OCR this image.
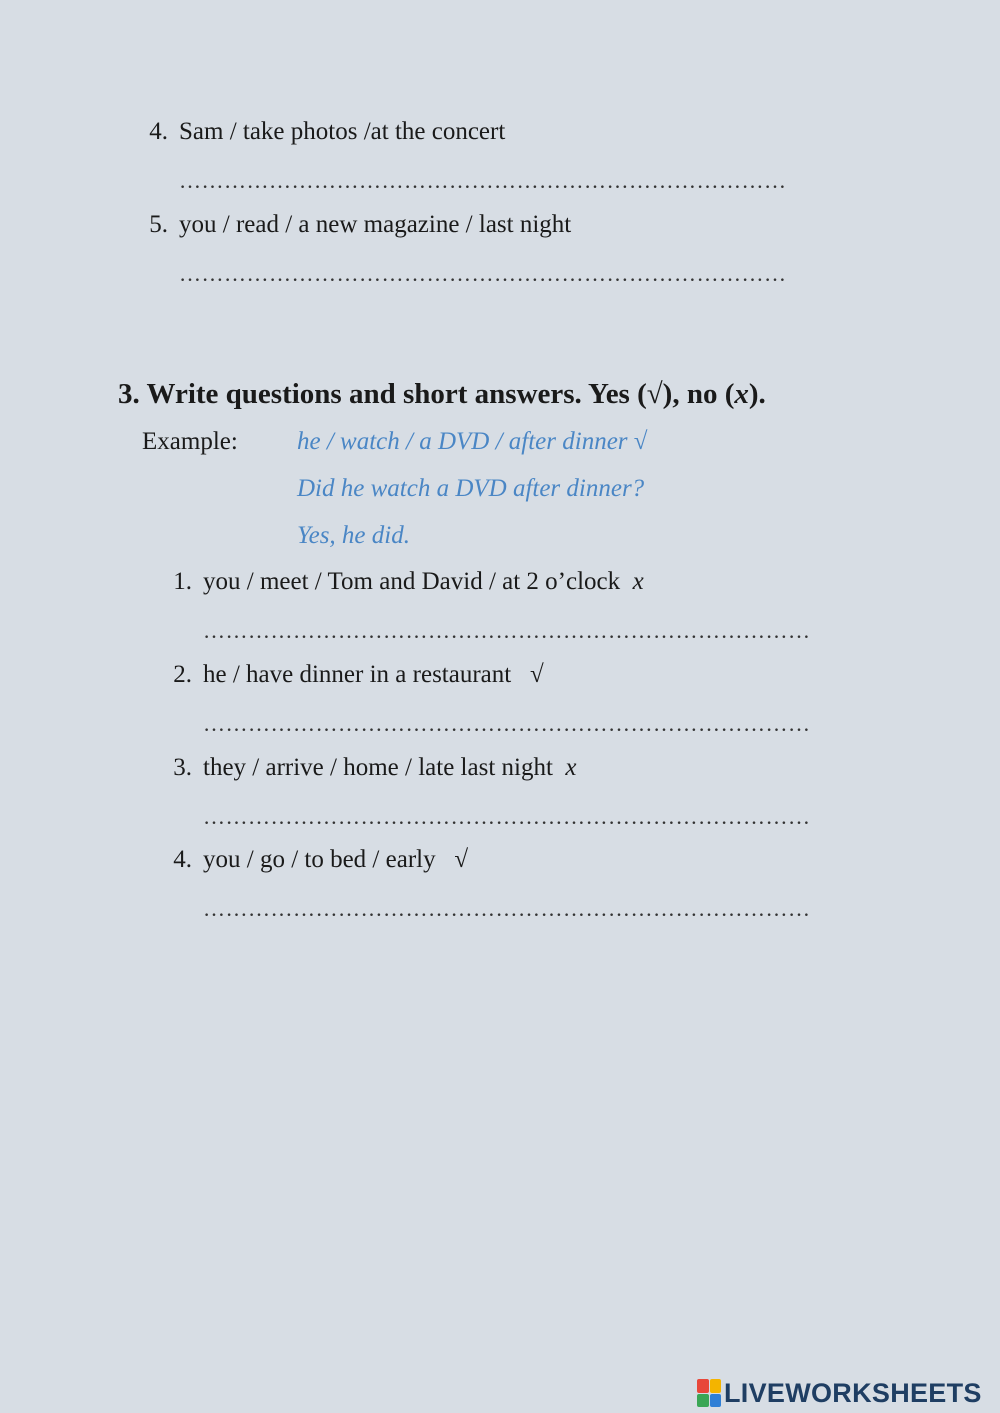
4. Sam / take photos /at the concert
………………………………………………………………………
5. you / read / a new magazine / last night
………………………………………………………………………
3. Write questions and short answers. Yes (√), no (x).
Example: he / watch / a DVD / after dinner √
Did he watch a DVD after dinner?
Yes, he did.
1. you / meet / Tom and David / at 2 o’clock x
………………………………………………………………………
2. he / have dinner in a restaurant √
………………………………………………………………………
3. they / arrive / home / late last night x
………………………………………………………………………
4. you / go / to bed / early √
………………………………………………………………………
LIVEWORKSHEETS
